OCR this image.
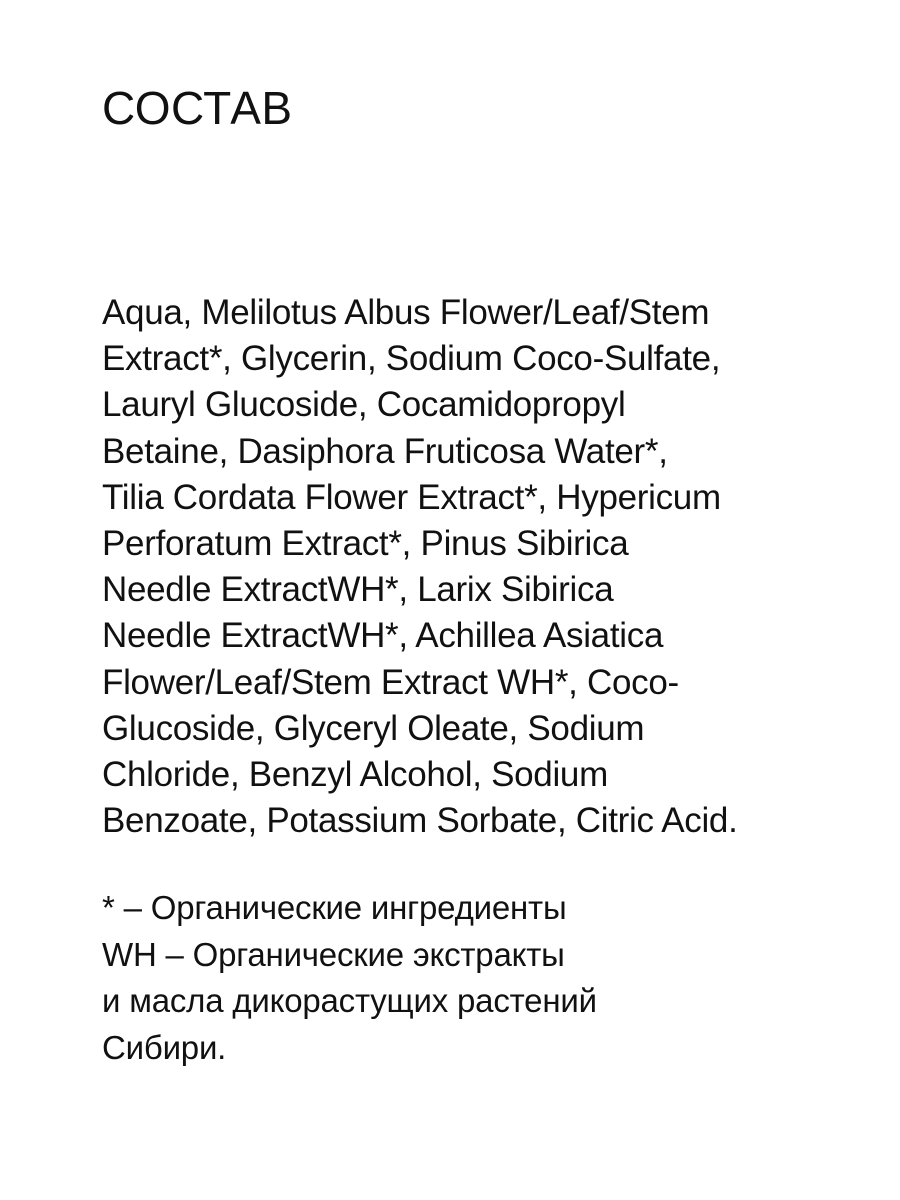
СОСТАВ
Aqua, Melilotus Albus Flower/Leaf/Stem
Extract*, Glycerin, Sodium Coco-Sulfate,
Lauryl Glucoside, Cocamidopropyl
Betaine, Dasiphora Fruticosa Water*,
Tilia Cordata Flower Extract*, Hypericum
Perforatum Extract*, Pinus Sibirica
Needle ExtractWH*, Larix Sibirica
Needle ExtractWH*, Achillea Asiatica
Flower/Leaf/Stem Extract WH*, Coco-
Glucoside, Glyceryl Oleate, Sodium
Chloride, Benzyl Alcohol, Sodium
Benzoate, Potassium Sorbate, Citric Acid.
* – Органические ингредиенты
WH – Органические экстракты
и масла дикорастущих растений
Сибири.
